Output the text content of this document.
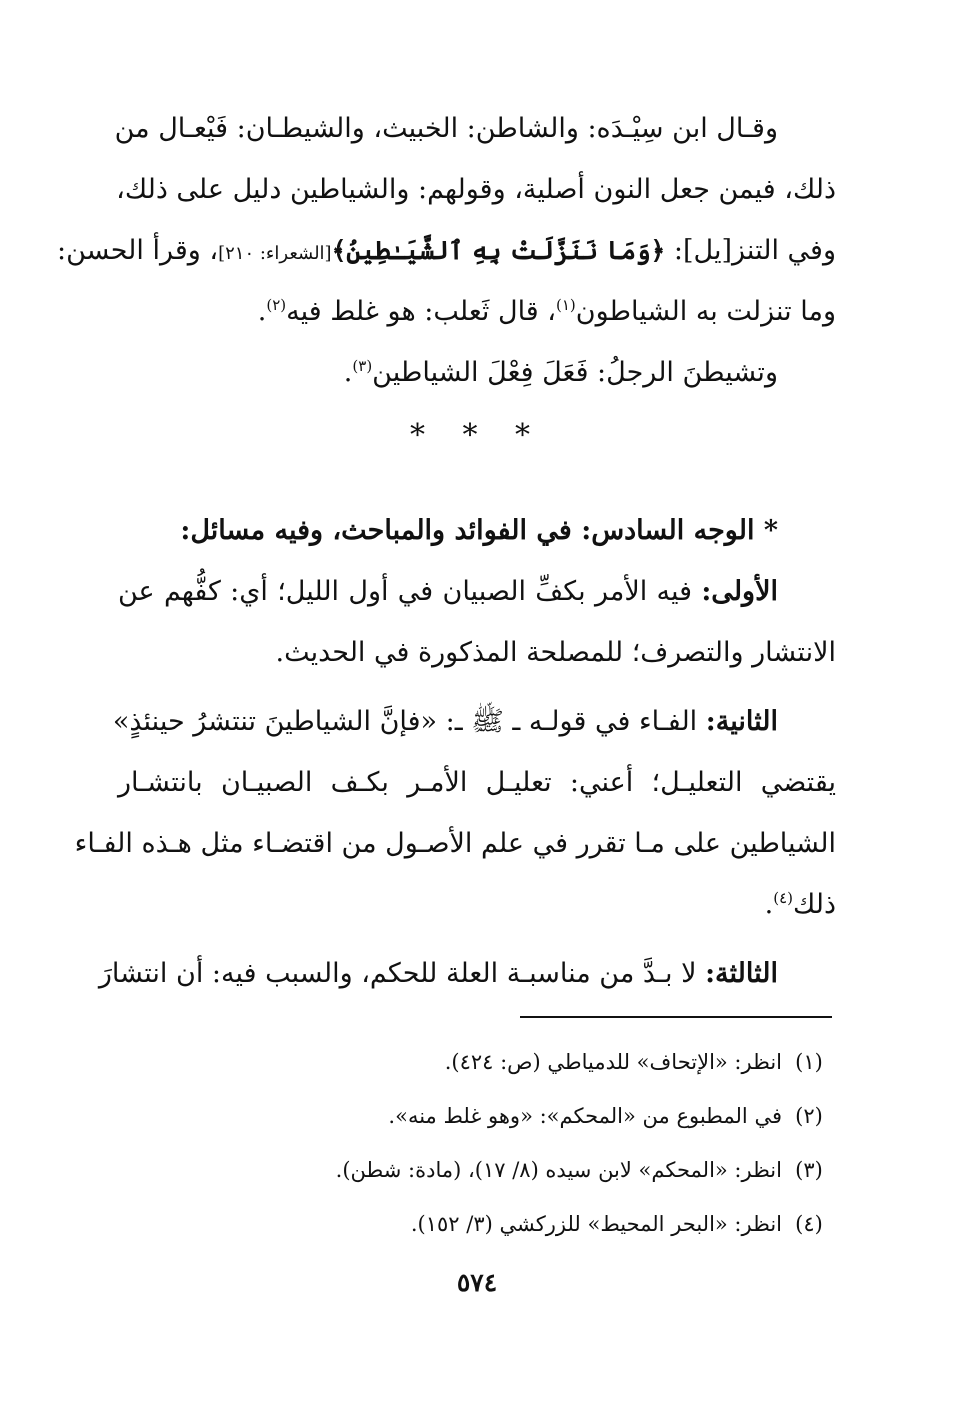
وقـال ابن سِيْـدَه: والشاطن: الخبيث، والشيطـان: فَيْعـال من
ذلك، فيمن جعل النون أصلية، وقولهم: والشياطين دليل على ذلك،
وفي التنز[يل]: ﴿وَمَا نَنَزَّلَتْ بِهِ ٱلشَّيَـٰطِينُ﴾[الشعراء: ٢١٠]، وقرأ الحسن:
وما تنزلت به الشياطون$^{(١)}$، قال ثَعلب: هو غلط فيه$^{(٢)}$.
وتشيطنَ الرجلُ: فَعَلَ فِعْلَ الشياطين$^{(٣)}$.
* * *
* الوجه السادس: في الفوائد والمباحث، وفيه مسائل:
الأولى: فيه الأمر بكفِّ الصبيان في أول الليل؛ أي: كفُّهم عن
الانتشار والتصرف؛ للمصلحة المذكورة في الحديث.
الثانية: الفـاء في قولـه ـ ﷺ ـ: «فإنَّ الشياطينَ تنتشرُ حينئذٍ»
يقتضي التعليـل؛ أعني: تعليـل الأمـر بكـف الصبيـان بانتشـار
الشياطين على مـا تقرر في علم الأصـول من اقتضـاء مثل هـذه الفـاء
ذلك$^{(٤)}$.
الثالثة: لا بـدَّ من مناسبـة العلة للحكم، والسبب فيه: أن انتشارَ
(١)انظر: «الإتحاف» للدمياطي (ص: ٤٢٤).
(٢)في المطبوع من «المحكم»: «وهو غلط منه».
(٣)انظر: «المحكم» لابن سيده (٨/ ١٧)، (مادة: شطن).
(٤)انظر: «البحر المحيط» للزركشي (٣/ ١٥٢).
٥٧٤
